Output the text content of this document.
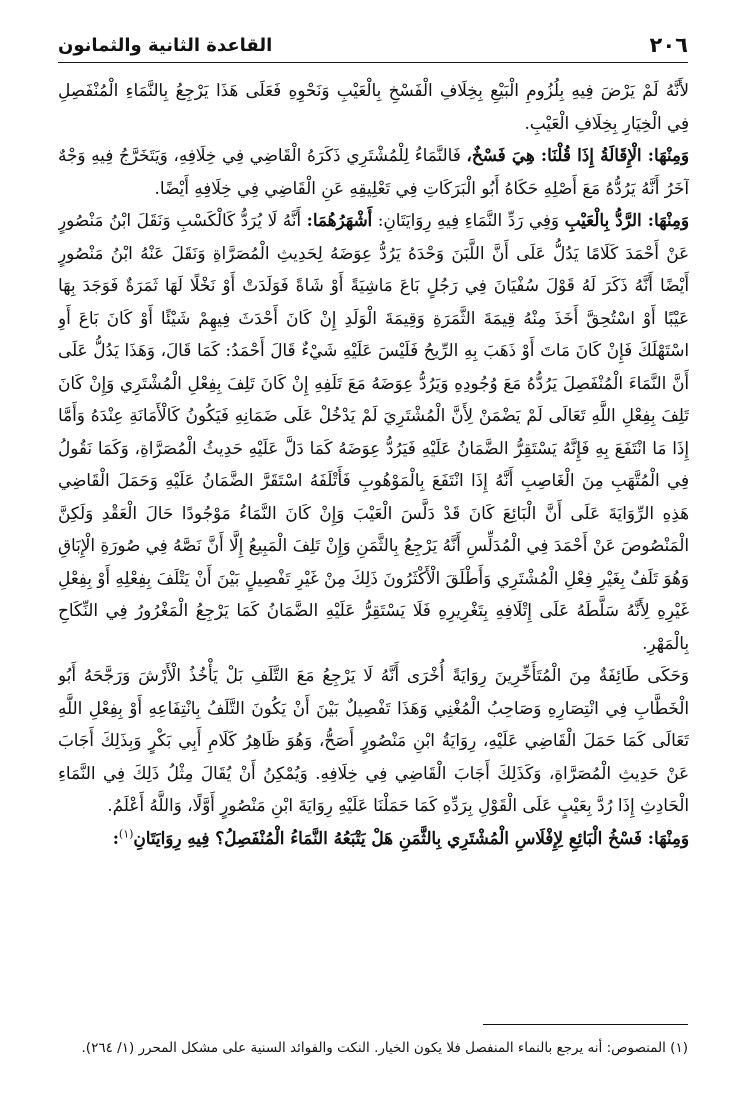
٢٠٦
القاعدة الثانية والثمانون

لأَنَّهُ لَمْ يَرْضَ فِيهِ بِلُزُومِ الْبَيْعِ بِخِلَافِ الْفَسْخِ بِالْعَيْبِ وَنَحْوِهِ فَعَلَى هَذَا يَرْجِعُ بِالنَّمَاءِ الْمُنْفَصِلِ فِي الْخِيَارِ بِخِلَافِ الْعَيْبِ.

وَمِنْهَا: الْإِقَالَةُ إِذَا قُلْنَا: هِيَ فَسْخٌ، فَالنَّمَاءُ لِلْمُشْتَرِي ذَكَرَهُ الْقَاضِي فِي خِلَافِهِ، وَيَتَخَرَّجُ فِيهِ وَجْهٌ آخَرُ أَنَّهُ يَرُدُّهُ مَعَ أَصْلِهِ حَكَاهُ أَبُو الْبَرَكَاتِ فِي تَعْلِيقِهِ عَنِ الْقَاضِي فِي خِلَافِهِ أَيْضًا.

وَمِنْهَا: الرَّدُّ بِالْعَيْبِ وَفِي رَدِّ النَّمَاءِ فِيهِ رِوَايَتَانِ: أَشْهَرُهُمَا: أَنَّهُ لَا يُرَدُّ كَالْكَسْبِ وَنَقَلَ ابْنُ مَنْصُورٍ عَنْ أَحْمَدَ كَلَامًا يَدُلُّ عَلَى أَنَّ اللَّبَنَ وَحْدَهُ يَرُدُّ عِوَضَهُ لِحَدِيثِ الْمُصَرَّاةِ وَنَقَلَ عَنْهُ ابْنُ مَنْصُورٍ أَيْضًا أَنَّهُ ذَكَرَ لَهُ قَوْلَ سُفْيَانَ فِي رَجُلٍ بَاعَ مَاشِيَةً أَوْ شَاةً فَوَلَدَتْ أَوْ نَخْلًا لَهَا ثَمَرَةٌ فَوَجَدَ بِهَا عَيْبًا أَوْ اسْتُحِقَّ أَخَذَ مِنْهُ قِيمَةَ الثَّمَرَةِ وَقِيمَةَ الْوَلَدِ إِنْ كَانَ أَحْدَثَ فِيهِمْ شَيْئًا أَوْ كَانَ بَاعَ أَوِ اسْتَهْلَكَ فَإِنْ كَانَ مَاتَ أَوْ ذَهَبَ بِهِ الرِّيحُ فَلَيْسَ عَلَيْهِ شَيْءٌ قَالَ أَحْمَدُ: كَمَا قَالَ، وَهَذَا يَدُلُّ عَلَى أَنَّ النَّمَاءَ الْمُنْفَصِلَ يَرُدُّهُ مَعَ وُجُودِهِ وَيَرُدُّ عِوَضَهُ مَعَ تَلَفِهِ إِنْ كَانَ تَلِفَ بِفِعْلِ الْمُشْتَرِي وَإِنْ كَانَ تَلِفَ بِفِعْلِ اللَّهِ تَعَالَى لَمْ يَضْمَنْ لِأَنَّ الْمُشْتَرِيَ لَمْ يَدْخُلْ عَلَى ضَمَانِهِ فَيَكُونُ كَالْأَمَانَةِ عِنْدَهُ وَأَمَّا إِذَا مَا انْتَفَعَ بِهِ فَإِنَّهُ يَسْتَقِرُّ الضَّمَانُ عَلَيْهِ فَيَرُدُّ عِوَضَهُ كَمَا دَلَّ عَلَيْهِ حَدِيثُ الْمُصَرَّاةِ، وَكَمَا نَقُولُ فِي الْمُتَّهَبِ مِنَ الْغَاصِبِ أَنَّهُ إِذَا انْتَفَعَ بِالْمَوْهُوبِ فَأَتْلَفَهُ اسْتَقَرَّ الضَّمَانُ عَلَيْهِ وَحَمَلَ الْقَاضِي هَذِهِ الرِّوَايَةَ عَلَى أَنَّ الْبَائِعَ كَانَ قَدْ دَلَّسَ الْعَيْبَ وَإِنْ كَانَ النَّمَاءُ مَوْجُودًا حَالَ الْعَقْدِ وَلَكِنَّ الْمَنْصُوصَ عَنْ أَحْمَدَ فِي الْمُدَلِّسِ أَنَّهُ يَرْجِعُ بِالثَّمَنِ وَإِنْ تَلِفَ الْمَبِيعُ إِلَّا أَنَّ نَصَّهُ فِي صُورَةِ الْإِبَاقِ وَهُوَ تَلَفٌ بِغَيْرِ فِعْلِ الْمُشْتَرِي وَأَطْلَقَ الْأَكْثَرُونَ ذَلِكَ مِنْ غَيْرِ تَفْصِيلٍ بَيْنَ أَنْ يَتْلَفَ بِفِعْلِهِ أَوْ بِفِعْلِ غَيْرِهِ لِأَنَّهُ سَلَّطَهُ عَلَى إِتْلَافِهِ بِتَغْرِيرِهِ فَلَا يَسْتَقِرُّ عَلَيْهِ الضَّمَانُ كَمَا يَرْجِعُ الْمَغْرُورُ فِي النِّكَاحِ بِالْمَهْرِ.

وَحَكَى طَائِفَةٌ مِنَ الْمُتَأَخِّرِينَ رِوَايَةً أُخْرَى أَنَّهُ لَا يَرْجِعُ مَعَ التَّلَفِ بَلْ يَأْخُذُ الْأَرْشَ وَرَجَّحَهُ أَبُو الْخَطَّابِ فِي انْتِصَارِهِ وَصَاحِبُ الْمُغْنِي وَهَذَا تَفْصِيلٌ بَيْنَ أَنْ يَكُونَ التَّلَفُ بِانْتِفَاعِهِ أَوْ بِفِعْلِ اللَّهِ تَعَالَى كَمَا حَمَلَ الْقَاضِي عَلَيْهِ، رِوَايَةُ ابْنِ مَنْصُورٍ أَصَحُّ، وَهُوَ ظَاهِرُ كَلَامِ أَبِي بَكْرٍ وَبِذَلِكَ أَجَابَ عَنْ حَدِيثِ الْمُصَرَّاةِ، وَكَذَلِكَ أَجَابَ الْقَاضِي فِي خِلَافِهِ. وَيُمْكِنُ أَنْ يُقَالَ مِثْلُ ذَلِكَ فِي النَّمَاءِ الْحَادِثِ إِذَا رُدَّ بِعَيْبٍ عَلَى الْقَوْلِ بِرَدِّهِ كَمَا حَمَلْنَا عَلَيْهِ رِوَايَةَ ابْنِ مَنْصُورٍ أَوَّلًا، وَاللَّهُ أَعْلَمُ.

وَمِنْهَا: فَسْخُ الْبَائِعِ لِإِفْلَاسِ الْمُشْتَرِي بِالثَّمَنِ هَلْ يَتْبَعُهُ النَّمَاءُ الْمُنْفَصِلُ؟ فِيهِ رِوَايَتَانِ$^{(١)}$:

(١) المنصوص: أنه يرجع بالنماء المنفصل فلا يكون الخيار. النكت والفوائد السنية على مشكل المحرر (١/ ٢٦٤).
